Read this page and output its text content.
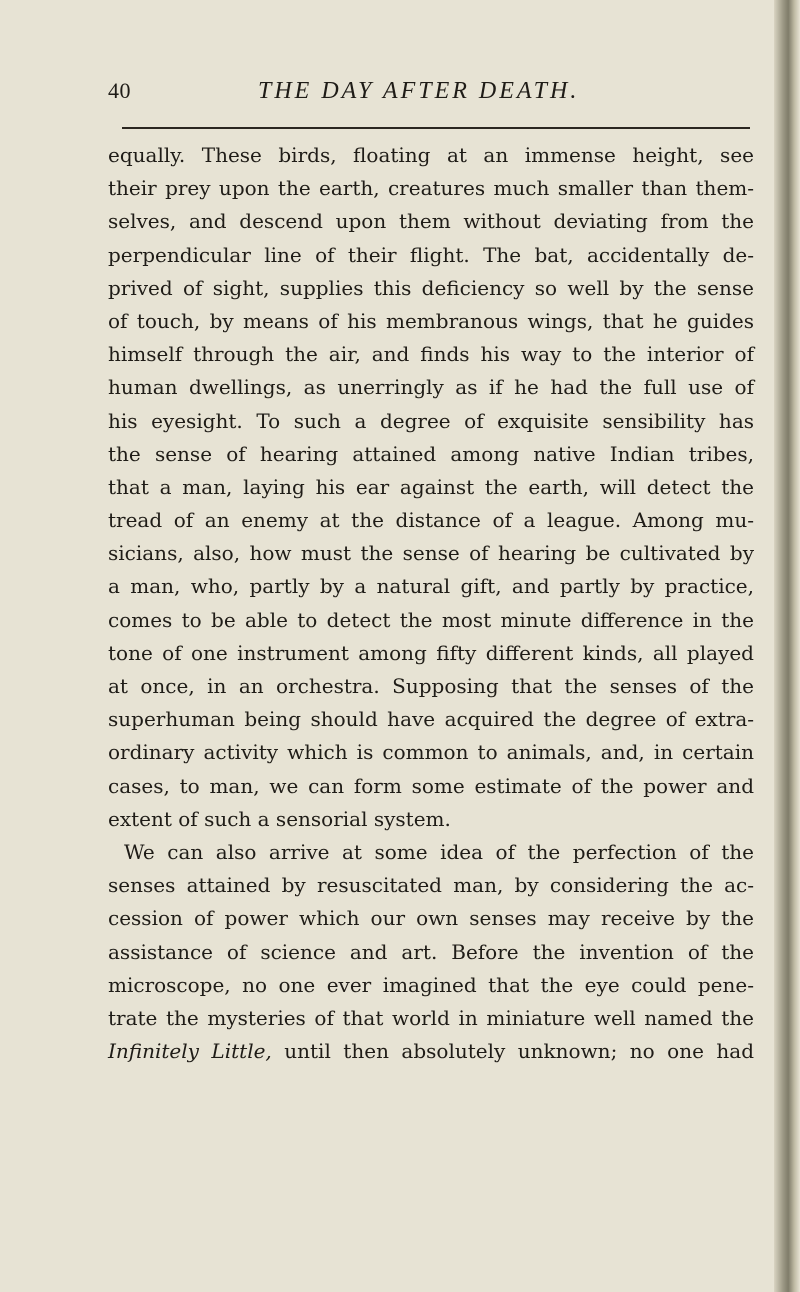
40	THE DAY AFTER DEATH.
equally. These birds, floating at an immense height, see
their prey upon the earth, creatures much smaller than them-
selves, and descend upon them without deviating from the
perpendicular line of their flight. The bat, accidentally de-
prived of sight, supplies this deficiency so well by the sense
of touch, by means of his membranous wings, that he guides
himself through the air, and finds his way to the interior of
human dwellings, as unerringly as if he had the full use of
his eyesight. To such a degree of exquisite sensibility has
the sense of hearing attained among native Indian tribes,
that a man, laying his ear against the earth, will detect the
tread of an enemy at the distance of a league. Among mu-
sicians, also, how must the sense of hearing be cultivated by
a man, who, partly by a natural gift, and partly by practice,
comes to be able to detect the most minute difference in the
tone of one instrument among fifty different kinds, all played
at once, in an orchestra. Supposing that the senses of the
superhuman being should have acquired the degree of extra-
ordinary activity which is common to animals, and, in certain
cases, to man, we can form some estimate of the power and
extent of such a sensorial system.
We can also arrive at some idea of the perfection of the
senses attained by resuscitated man, by considering the ac-
cession of power which our own senses may receive by the
assistance of science and art. Before the invention of the
microscope, no one ever imagined that the eye could pene-
trate the mysteries of that world in miniature well named the
Infinitely Little, until then absolutely unknown; no one had
